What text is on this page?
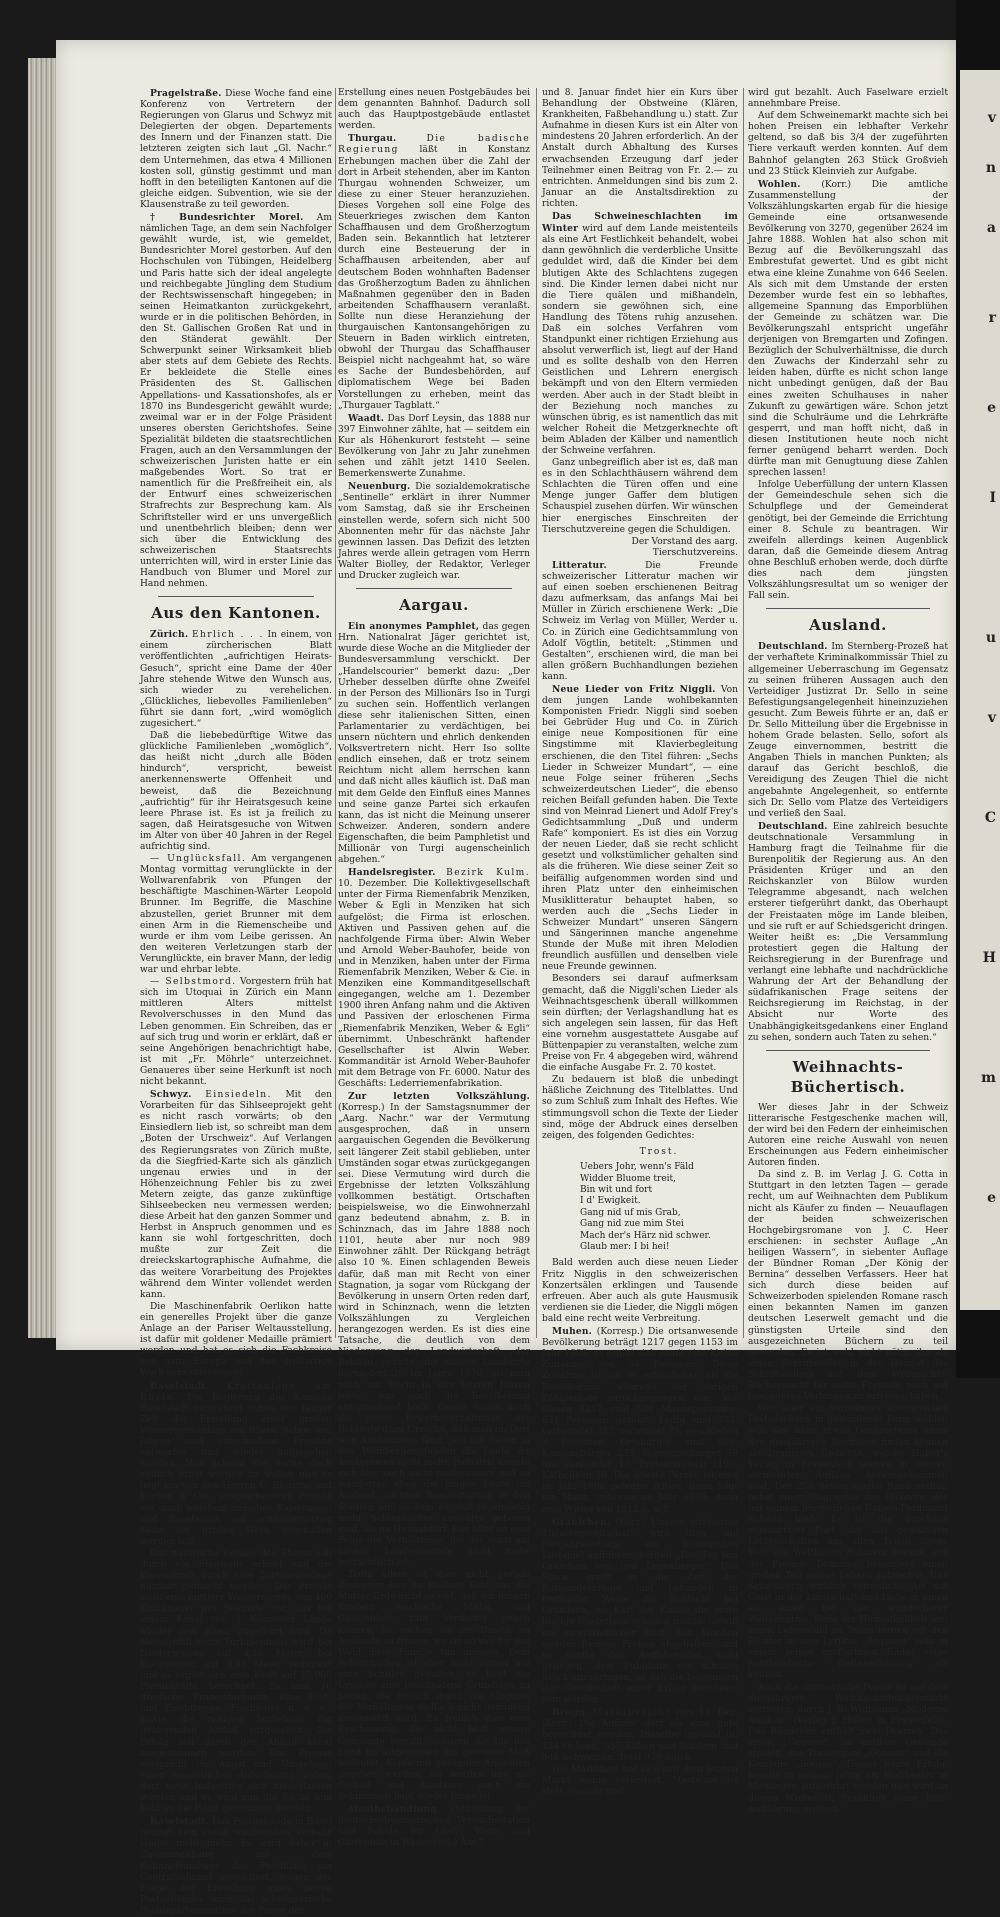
v
n
a
r
e
I
u
v
C
H
m
e

Pragelstraße. Diese Woche fand eine Konferenz von Vertretern der Regierungen von Glarus und Schwyz mit Delegierten der obgen. Departements des Innern und der Finanzen statt. Die letzteren zeigten sich laut „Gl. Nachr.“ dem Unternehmen, das etwa 4 Millionen kosten soll, günstig gestimmt und man hofft in den beteiligten Kantonen auf die gleiche eidgen. Subvention, wie sie der Klausenstraße zu teil geworden.

† Bundesrichter Morel. Am nämlichen Tage, an dem sein Nachfolger gewählt wurde, ist, wie gemeldet, Bundesrichter Morel gestorben. Auf den Hochschulen von Tübingen, Heidelberg und Paris hatte sich der ideal angelegte und reichbegabte Jüngling dem Studium der Rechtswissenschaft hingegeben; in seinen Heimatkanton zurückgekehrt, wurde er in die politischen Behörden, in den St. Gallischen Großen Rat und in den Ständerat gewählt. Der Schwerpunkt seiner Wirksamkeit blieb aber stets auf dem Gebiete des Rechts. Er bekleidete die Stelle eines Präsidenten des St. Gallischen Appellations- und Kassationshofes, als er 1870 ins Bundesgericht gewählt wurde; zweimal war er in der Folge Präsident unseres obersten Gerichtshofes. Seine Spezialität bildeten die staatsrechtlichen Fragen, auch an den Versammlungen der schweizerischen Juristen hatte er ein maßgebendes Wort. So trat er namentlich für die Preßfreiheit ein, als der Entwurf eines schweizerischen Strafrechts zur Besprechung kam. Als Schriftsteller wird er uns unvergeßlich und unentbehrlich bleiben; denn wer sich über die Entwicklung des schweizerischen Staatsrechts unterrichten will, wird in erster Linie das Handbuch von Blumer und Morel zur Hand nehmen.

Aus den Kantonen.

Zürich. Ehrlich . . . In einem, von einem zürcherischen Blatt veröffentlichten „aufrichtigen Heirats-Gesuch“, spricht eine Dame der 40er Jahre stehende Witwe den Wunsch aus, sich wieder zu verehelichen. „Glückliches, liebevolles Familienleben“ führt sie dann fort, „wird womöglich zugesichert.“

Daß die liebebedürftige Witwe das glückliche Familienleben „womöglich“, das heißt nicht „durch alle Böden hindurch“, verspricht, beweist anerkennenswerte Offenheit und beweist, daß die Bezeichnung „aufrichtig“ für ihr Heiratsgesuch keine leere Phrase ist. Es ist ja freilich zu sagen, daß Heiratsgesuche von Witwen im Alter von über 40 Jahren in der Regel aufrichtig sind.

— Unglücksfall. Am vergangenen Montag vormittag verunglückte in der Wollwarenfabrik von Pfungen der beschäftigte Maschinen-Wärter Leopold Brunner. Im Begriffe, die Maschine abzustellen, geriet Brunner mit dem einen Arm in die Riemenscheibe und wurde er ihm vom Leibe gerissen. An den weiteren Verletzungen starb der Verunglückte, ein braver Mann, der ledig war und ehrbar lebte.

— Selbstmord. Vorgestern früh hat sich im Utoquai in Zürich ein Mann mittleren Alters mittelst Revolverschusses in den Mund das Leben genommen. Ein Schreiben, das er auf sich trug und worin er erklärt, daß er seine Angehörigen benachrichtigt habe, ist mit „Fr. Möhrle“ unterzeichnet. Genaueres über seine Herkunft ist noch nicht bekannt.

Schwyz. Einsiedeln. Mit den Vorarbeiten für das Sihlseeprojekt geht es nicht rasch vorwärts; ob den Einsiedlern lieb ist, so schreibt man dem „Boten der Urschweiz“. Auf Verlangen des Regierungsrates von Zürich mußte, da die Siegfried-Karte sich als gänzlich ungenau erwies und in der Höhenzeichnung Fehler bis zu zwei Metern zeigte, das ganze zukünftige Sihlseebecken neu vermessen werden; diese Arbeit hat den ganzen Sommer und Herbst in Anspruch genommen und es kann sie wohl fortgeschritten, doch mußte zur Zeit die dreieckskartographische Aufnahme, die das weitere Vorarbeitung des Projektes während dem Winter vollendet werden kann.

Die Maschinenfabrik Oerlikon hatte ein generelles Projekt über die ganze Anlage an der Pariser Weltausstellung, ist dafür mit goldener Medaille prämiert worden und hat es sich die Fachkreise von ganz Europa und das großartige Werk sehr interessiert.

Baselstadt. Kraftanlage am Rhein. Die Regierung des Kantons Baselstadt projektiert schon seit langer Zeit die Erstellung einer großen Wasserwerkanlage am Rhein. Schon seit Jahren sind verschiedene Projekte entworfen und wieder aufgegeben worden. Nun scheint die Sache doch endlich ernst werden zu wollen und es liegt ein von den Herren C. Bicarino und Locher & Cie. ausgearbeitetes Projekt vor, nach welchem zwischen Kaiseraugst und Baselaugst auf schweizerischer Seite ein großes Werk geschaffen werden soll.

Das natürliche Gefälle des Rheins soll durch ein Stauwehr erhöht und die Wasserkraft durch eine Turbinenanlage nutzbar gemacht werden. Das Projekt sieht eine mittlere Wassermenge von 400 Kubikmeter pro Sekunde vor, das bei einem Kanal von 1 Kilometer Länge wieder dem Rhein zugeführt wird. Da Nettogefäll beim Turbinenhaus wird bei Niederwasser auf 4,16 Meter, bei Hochwasser auf 3,48 Meter reduziert und es ergibt sich eine Kraft auf 17,000 Pferdekräfte berechnet. Es sind 16 dreifache Francisturbinen, eine Floß- und Fischtreppe, Fischleiter u. s. w., sowie die nötigen Vorkehren für genügenden Abfluß vorgesehen. Die Erfolg soll durch den Ablauf kanal ausgenommen werden. Das Projekt verspricht für Augst und Umgebung einen wesentlichen Aufschwung, indem dort neue Industrien sich niederlassen würden und es wird nun die Sache nun bald an die Hand genommen werden.

Baselstadt. Das Postgebäude in Basel genügt dem stetig wachsenden Verkehr längst nicht mehr. Es wird daher in Zusammenhang mit dem Bahnhofsumbaus das Postfiliale am Centralbahnhof projektiert, wegen der Frage der Erstellung eines neuen Postgebäudes wird das schweizerische Postdepartement mit der Frage der

Erstellung eines neuen Postgebäudes bei dem genannten Bahnhof. Dadurch soll auch das Hauptpostgebäude entlastet werden.

Thurgau.	Die badische Regierung läßt in Konstanz Erhebungen machen über die Zahl der dort in Arbeit stehenden, aber im Kanton Thurgau wohnenden Schweizer, um diese zu einer Steuer heranzuziehen. Dieses Vorgehen soll eine Folge des Steuerkrieges zwischen dem Kanton Schaffhausen und dem Großherzogtum Baden sein. Bekanntlich hat letzterer durch eine Besteuerung der in Schaffhausen arbeitenden, aber auf deutschem Boden wohnhaften Badenser das Großherzogtum Baden zu ähnlichen Maßnahmen gegenüber den in Baden arbeitenden Schaffhausern veranlaßt. Sollte nun diese Heranziehung der thurgauischen Kantonsangehörigen zu Steuern in Baden wirklich eintreten, obwohl der Thurgau das Schaffhauser Beispiel nicht nachgeahmt hat, so wäre es Sache der Bundesbehörden, auf diplomatischem Wege bei Baden Vorstellungen zu erheben, meint das „Thurgauer Tagblatt.“

Waadt. Das Dorf Leysin, das 1888 nur 397 Einwohner zählte, hat — seitdem ein Kur als Höhenkurort feststeht — seine Bevölkerung von Jahr zu Jahr zunehmen sehen und zählt jetzt 1410 Seelen. Bemerkenswerte Zunahme.

Neuenburg. Die sozialdemokratische „Sentinelle“ erklärt in ihrer Nummer vom Samstag, daß sie ihr Erscheinen einstellen werde, sofern sich nicht 500 Abonnenten mehr für das nächste Jahr gewinnen lassen. Das Defizit des letzten Jahres werde allein getragen vom Herrn Walter Biolley, der Redaktor, Verleger und Drucker zugleich war.

Aargau.

Ein anonymes Pamphlet, das gegen Hrn. Nationalrat Jäger gerichtet ist, wurde diese Woche an die Mitglieder der Bundesversammlung verschickt. Der „Handelscourier“ bemerkt dazu: „Der Urheber desselben dürfte ohne Zweifel in der Person des Millionärs Iso in Turgi zu suchen sein. Hoffentlich verlangen diese sehr italienischen Sitten, einen Parlamentarier zu verdächtigen, bei unsern nüchtern und ehrlich denkenden Volksvertretern nicht. Herr Iso sollte endlich einsehen, daß er trotz seinem Reichtum nicht allem herrschen kann und daß nicht alles käuflich ist. Daß man mit dem Gelde den Einfluß eines Mannes und seine ganze Partei sich erkaufen kann, das ist nicht die Meinung unserer Schweizer. Anderen, sondern andere Eigenschaften, die beim Pamphletist und Millionär von Turgi augenscheinlich abgehen.“

Handelsregister. Bezirk Kulm. 10. Dezember. Die Kollektivgesellschaft unter der Firma Riemenfabrik Menziken, Weber & Egli in Menziken hat sich aufgelöst; die Firma ist erloschen. Aktiven und Passiven gehen auf die nachfolgende Firma über: Alwin Weber und Arnold Weber-Bauhofer, beide von und in Menziken, haben unter der Firma Riemenfabrik Menziken, Weber & Cie. in Menziken eine Kommanditgesellschaft eingegangen, welche am 1. Dezember 1900 ihren Anfang nahm und die Aktiven und Passiven der erloschenen Firma „Riemenfabrik Menziken, Weber & Egli“ übernimmt. Unbeschränkt haftender Gesellschafter ist Alwin Weber. Kommanditär ist Arnold Weber-Bauhofer mit dem Betrage von Fr. 6000. Natur des Geschäfts: Lederriemenfabrikation.

Zur letzten Volkszählung. (Korresp.) In der Samstagsnummer der „Aarg. Nachr.“ war der Vermutung ausgesprochen, daß in unsern aargauischen Gegenden die Bevölkerung seit längerer Zeit stabil geblieben, unter Umständen sogar etwas zurückgegangen sei. Diese Vermutung wird durch die Ergebnisse der letzten Volkszählung vollkommen bestätigt. Ortschaften beispielsweise, wo die Einwohnerzahl ganz bedeutend abnahm, z. B. in Schinznach, das im Jahre 1888 noch 1101, heute aber nur noch 989 Einwohner zählt. Der Rückgang beträgt also 10 %. Einen schlagenden Beweis dafür, daß man mit Recht von einer Stagnation, ja sogar vom Rückgang der Bevölkerung in unsern Orten reden darf, wird in Schinznach, wenn die letzten Volkszählungen zu Vergleichen herangezogen werden. Es ist dies eine Tatsache, die deutlich von dem Niedergang der Landwirtschaft, der Rebbau, spricht, die unsere Landwirte darniederhält. Im Jahre 1870, als man noch mit Recht in den letzten Jahren lebte, war noch die Bevölkerung entsprechend hoch. Gewiß waren auch die guten Erwerbsverhältnisse der Rebleute dazu Ursache, daß man im Dorf sein Auskommen fand. Seit die Reben in den Weinbergen fanden die Leute ihr Auskommen nicht mehr, Industrie konnte sich hier noch nicht niederlassen und so wanderten eben die jungen Leute ins Ausland, suchten Beschäftigung in den Städten und so kam es, daß regelmäßig mehr Schinznacher auswärts geboren sind, als im Heimatdorf. Das alles ist eine Folge der Verhältnisse, die der Staat auf unsere Landgemeinde nicht mehr betrachtlich ist.

Trotz allem ist dies nicht gerade deswegen hier zu bleiben: Gibt uns die Mutter Erde nicht so viel, daß wir unsern Kindern reichliche Mittel und Gelegenheit zum Verdienst geben können, so suchen sie ihr Dasein im Auslande zu fristen, wo sie so viel für das Wohl ihrer Familie tun müssen. Dem Schinznacher ist aber nicht immer auf gute Schulen gehalten, so liegt die Ursache eine bescheidene Grundlage zu bieten, die freilich durch die Ungunst der Verhältnisse vielfach nicht genügend ausgenützt wird. Es freilich dies eine Erscheinung, die nicht bloß unsere Gemeinde betrifft, sondern die für das Land im allgemeinen ein gewisses Maß bedeutet. Köpfe mit gesunden Ansichten gegeben werden, sie werden uns mit Geduld und Ausdauer auch die Schinznach bald wieder lange ist.

Mostbehandlung. (Mitteilung der deutschschweizerischen Versuchsstation und Schule für Obst-, Wein- und Gartenbau in Wädenswil.) Am 7.

und 8. Januar findet hier ein Kurs über Behandlung der Obstweine (Klären, Krankheiten, Faßbehandlung u.) statt. Zur Aufnahme in diesen Kurs ist ein Alter von mindestens 20 Jahren erforderlich. An der Anstalt durch Abhaltung des Kurses erwachsenden Erzeugung darf jeder Teilnehmer einen Beitrag von Fr. 2.— zu entrichten. Anmeldungen sind bis zum 2. Januar an die Anstaltsdirektion zu richten.

Das Schweineschlachten im Winter wird auf dem Lande meistenteils als eine Art Festlichkeit behandelt, wobei dann gewöhnlich die verderbliche Unsitte geduldet wird, daß die Kinder bei dem blutigen Akte des Schlachtens zugegen sind. Die Kinder lernen dabei nicht nur die Tiere quälen und mißhandeln, sondern sie gewöhnen sich, eine Handlung des Tötens ruhig anzusehen. Daß ein solches Verfahren vom Standpunkt einer richtigen Erziehung aus absolut verwerflich ist, liegt auf der Hand und es sollte deshalb von den Herren Geistlichen und Lehrern energisch bekämpft und von den Eltern vermieden werden. Aber auch in der Stadt bleibt in der Beziehung noch manches zu wünschen übrig, es ist namentlich das mit welcher Roheit die Metzgerknechte oft beim Abladen der Kälber und namentlich der Schweine verfahren.

Ganz unbegreiflich aber ist es, daß man es in den Schlachthäusern während dem Schlachten die Türen offen und eine Menge junger Gaffer dem blutigen Schauspiel zusehen dürfen. Wir wünschen hier energisches Einschreiten der Tierschutzvereine gegen die Schuldigen.

Der Vorstand des aarg. Tierschutzvereins.

Litteratur.	Die Freunde schweizerischer Litteratur machen wir auf einen soeben erschienenen Beitrag dazu aufmerksam, das anfangs Mai bei Müller in Zürich erschienene Werk: „Die Schweiz im Verlag von Müller, Werder u. Co. in Zürich eine Gedichtsammlung von Adolf Vögtlin, betitelt: „Stimmen und Gestalten“, erschienen wird, die man bei allen größern Buchhandlungen beziehen kann.

Neue Lieder von Fritz Niggli. Von dem jungen Lande wohlbekannten Komponisten Friedr. Niggli sind soeben bei Gebrüder Hug und Co. in Zürich einige neue Kompositionen für eine Singstimme mit Klavierbegleitung erschienen, die den Titel führen: „Sechs Lieder in Schweizer Mundart“, — eine neue Folge seiner früheren „Sechs schweizerdeutschen Lieder“, die ebenso reichen Beifall gefunden haben. Die Texte sind von Meinrad Lienert und Adolf Frey's Gedichtsammlung „Duß und underm Rafe“ komponiert. Es ist dies ein Vorzug der neuen Lieder, daß sie recht schlicht gesetzt und volkstümlicher gehalten sind als die früheren. Wie diese seiner Zeit so beifällig aufgenommen worden sind und ihren Platz unter den einheimischen Musiklitteratur behauptet haben, so werden auch die „Sechs Lieder in Schweizer Mundart“ unseren Sängern und Sängerinnen manche angenehme Stunde der Muße mit ihren Melodien freundlich ausfüllen und denselben viele neue Freunde gewinnen.

Besonders sei darauf aufmerksam gemacht, daß die Niggli'schen Lieder als Weihnachtsgeschenk überall willkommen sein dürften; der Verlagshandlung hat es sich angelegen sein lassen, für das Heft eine vornehm ausgestattete Ausgabe auf Büttenpapier zu veranstalten, welche zum Preise von Fr. 4 abgegeben wird, während die einfache Ausgabe Fr. 2. 70 kostet.

Zu bedauern ist bloß die unbedingt häßliche Zeichnung des Titelblattes. Und so zum Schluß zum Inhalt des Heftes. Wie stimmungsvoll schon die Texte der Lieder sind, möge der Abdruck eines derselben zeigen, des folgenden Gedichtes:

Trost.
Uebers Johr, wenn's Fäld
Widder Bluome treit,
Bin wit und fort
I d' Ewigkeit.
Gang nid uf mis Grab,
Gang nid zue mim Stei
Mach der's Härz nid schwer.
Glaub mer: I bi hei!

Bald werden auch diese neuen Lieder Fritz Nigglis in den schweizerischen Konzertsälen erklingen und Tausende erfreuen. Aber auch als gute Hausmusik verdienen sie die Lieder, die Niggli mögen bald eine recht weite Verbreitung.

Muhen. (Korresp.) Die ortsanwesende Bevölkerung beträgt 1217 gegen 1153 im Jahr 1888, es ergibt sich somit eine kleine Zunahme von 64 Personen. Diese Zunahme ist um so erfreulicher, als die Bevölkerung während der vorigen Zählperiode zurückgegangen war. Vor diesen 1217 sind 586 Mannspersonen, 631 Personen gezählt. Ledig sind 783, verheiratet 357, verwitwet 75, geschieden 3 Personen. Ortsbürger sind 886, Kantonsbürger 233, Schweizerbürger 79 und Ausländer 19. Protestantisch 1199, Katholiken 18. Die älteste Person ist eine im Jahr 1808 geborne Witwe, dann folgt ein Mann, geboren im Jahr 1809, dann eine Witwe von 1812 u. s. f.

Gränichen. (Korr.) Unsere strebsame Theatergesellschaft wird über die Neujahrsfesttage ein historisches Lustspiel aufführen, betitelt „Der Tag von Grandson von Joel Lenenberger.“ Das Stück greift in die Zeit der Burgunderkriege und behandelt in treffender Weise die Schlacht bei Grandson, wo Karl der Kühne die erste blutige Niederlage erleiden mußte. Gewiß ein vaterländischer Stoff. Seit Wochen werden fleißige Proben abgehalten, und es dürfte den Aufführenden wohl gelingen, dem Publikum ein schönes Stück anzubringen, so daß die Leistungen der Gesellschaft einer Erfolg bescheert sein werden.

Brugg. Marktbericht vom 11. Dez. (Korr.) Die Auffuhr darf als eine gute bezeichnet werden. Dieselbe bestand in: 154 Ochsen, 357 Kühen und Rindern und 448 Schweinen. Total 939 Stück.

Die Marktlage hat sich seit dem letzten Markt wenig verändert. Mastware ist stets gesucht und

wird gut bezahlt. Auch Faselware erzielt annehmbare Preise.

Auf dem Schweinemarkt machte sich bei hohen Preisen ein lebhafter Verkehr geltend, so daß bis 3/4 der zugeführten Tiere verkauft werden konnten. Auf dem Bahnhof gelangten 263 Stück Großvieh und 23 Stück Kleinvieh zur Aufgabe.

Wohlen. (Korr.) Die amtliche Zusammenstellung der Volkszählungskarten ergab für die hiesige Gemeinde eine ortsanwesende Bevölkerung von 3270, gegenüber 2624 im Jahre 1888. Wohlen hat also schon mit Bezug auf die Bevölkerungszahl das Embrestufat gewertet. Und es gibt nicht etwa eine kleine Zunahme von 646 Seelen. Als sich mit dem Umstande der ersten Dezember wurde fest ein so lebhaftes, allgemeine Spannung das Emporblühen der Gemeinde zu schätzen war. Die Bevölkerungszahl entspricht ungefähr derjenigen von Bremgarten und Zofingen. Bezüglich der Schulverhältnisse, die durch den Zuwachs der Kinderzahl sehr zu leiden haben, dürfte es nicht schon lange nicht unbedingt genügen, daß der Bau eines zweiten Schulhauses in naher Zukunft zu gewärtigen wäre. Schon jetzt sind die Schulräume und die Lehrkräfte gesperrt, und man hofft nicht, daß in diesen Institutionen heute noch nicht ferner genügend beharrt werden. Doch dürfte man mit Genugtuung diese Zahlen sprechen lassen!

Infolge Ueberfüllung der untern Klassen der Gemeindeschule sehen sich die Schulpflege und der Gemeinderat genötigt, bei der Gemeinde die Errichtung einer 8. Schule zu beantragen. Wir zweifeln allerdings keinen Augenblick daran, daß die Gemeinde diesem Antrag ohne Beschluß erhoben werde, doch dürfte dies nach dem jüngsten Volkszählungsresultat um so weniger der Fall sein.

Ausland.

Deutschland. Im Sternberg-Prozeß hat der verhaftete Kriminalkommissär Thiel zu allgemeiner Ueberraschung im Gegensatz zu seinen früheren Aussagen auch den Verteidiger Justizrat Dr. Sello in seine Befestigungsangelegenheit hineinzuziehen gesucht. Zum Beweis führte er an, daß er Dr. Sello Mitteilung über die Ergebnisse in hohem Grade belasten. Sello, sofort als Zeuge einvernommen, bestritt die Angaben Thiels in manchen Punkten; als darauf das Gericht beschloß, die Vereidigung des Zeugen Thiel die nicht angebahnte Angelegenheit, so entfernte sich Dr. Sello vom Platze des Verteidigers und verließ den Saal.

Deutschland. Eine zahlreich besuchte deutschnationale Versammlung in Hamburg fragt die Teilnahme für die Burenpolitik der Regierung aus. An den Präsidenten Krüger und an den Reichskanzler von Bülow wurden Telegramme abgesandt, nach welchen ersterer tiefgerührt dankt, das Oberhaupt der Freistaaten möge im Lande bleiben, und sie ruft er auf Schiedsgericht dringen. Weiter heißt es: „Die Versammlung protestiert gegen die Haltung der Reichsregierung in der Burenfrage und verlangt eine lebhafte und nachdrückliche Wahrung der Art der Behandlung der südafrikanischen Frage seitens der Reichsregierung im Reichstag, in der Absicht nur Worte des Unabhängigkeitsgedankens einer England zu sehen, sondern auch Taten zu sehen.“

Weihnachts-Büchertisch.

Wer dieses Jahr in der Schweiz litterarische Festgeschenke machen will, der wird bei den Federn der einheimischen Autoren eine reiche Auswahl von neuen Erscheinungen aus Federn einheimischer Autoren finden.

Da sind z. B. im Verlag J. G. Cotta in Stuttgart in den letzten Tagen — gerade recht, um auf Weihnachten dem Publikum nicht als Käufer zu finden — Neuauflagen der beiden schweizerischen Hochgebirgsromane von J. C. Heer erschienen: in sechster Auflage „An heiligen Wassern“, in siebenter Auflage der Bündner Roman „Der König der Bernina“ desselben Verfassers. Heer hat sich durch diese beiden auf Schweizerboden spielenden Romane rasch einen bekannten Namen im ganzen deutschen Leserwelt gemacht und die günstigsten Urteile sind den ausgezeichneten Büchern zu teil geworden. Es ist wohl nicht nötig, ihn als einen Schriftsteller in der Heimat des Schriftstellers auf dem Weihnachts-Büchermarkt für seine Freunde noch auf besonderes Verlangen zu erfreuen haben.

Wer aber ein vornehmes litterarisches Festgeschenk in gebundener Form wählen will, der kann etwas Geeigneteres unter den diesjährigen Novitäten finden können als Dranmors Gedichte, welche Huber's Verlag in Frauenfeld soeben in vierter, vermehrter Auflage herausgekommen sind. Der 256 Seiten starke Band enthält nebst einer Biographie des Dichters, der mit seinem bürgerlichen Namen Ferdinand Schmid hieß. Es ist die durchaus eigenartiger Poet, der aus gewaltigen Leidenschaften aus allen Teilen dieser Welt die Weltlichen Schmerz heraus, aus der Fremde Dranmor besonders einen großen Teil seines Lebens zubrachte. Uns Schweizern wirklich erfreuliche Art mit Geist in der Landschaft und Liebe in einen als einen bei der wunderbarer Weltkenntnis, Reife der Heimatlichkeit und einen Lebensbild zu Teilen lernen wir den Dichter in dem Lyrikus „Requiem“ sehr in einem seiner großartigen Bilder seine pantheistische Weltanschauung als kennen.

Auch die dramatische Poesie ist auf dem diesjährigen Weihnachtsbüchermarkt vertreten, durch J. B. Widmanns „Moderne Antiken“ (Verlag J. Huber in Frauenfeld). Das Bändchen enthält zwei Dramen. Das erste, „Oenone“, im antiken Gewande spielen, das Trauerspiel „Oenone“ und die Komödie „Bousas“. Dieser letzte Erfolg, bereits in seinem Jahre am Hoftheater in Meiningen aufgeführt worden und wird im diesen Winter in Frankfurt seine Erst-Aufführung erleben.
